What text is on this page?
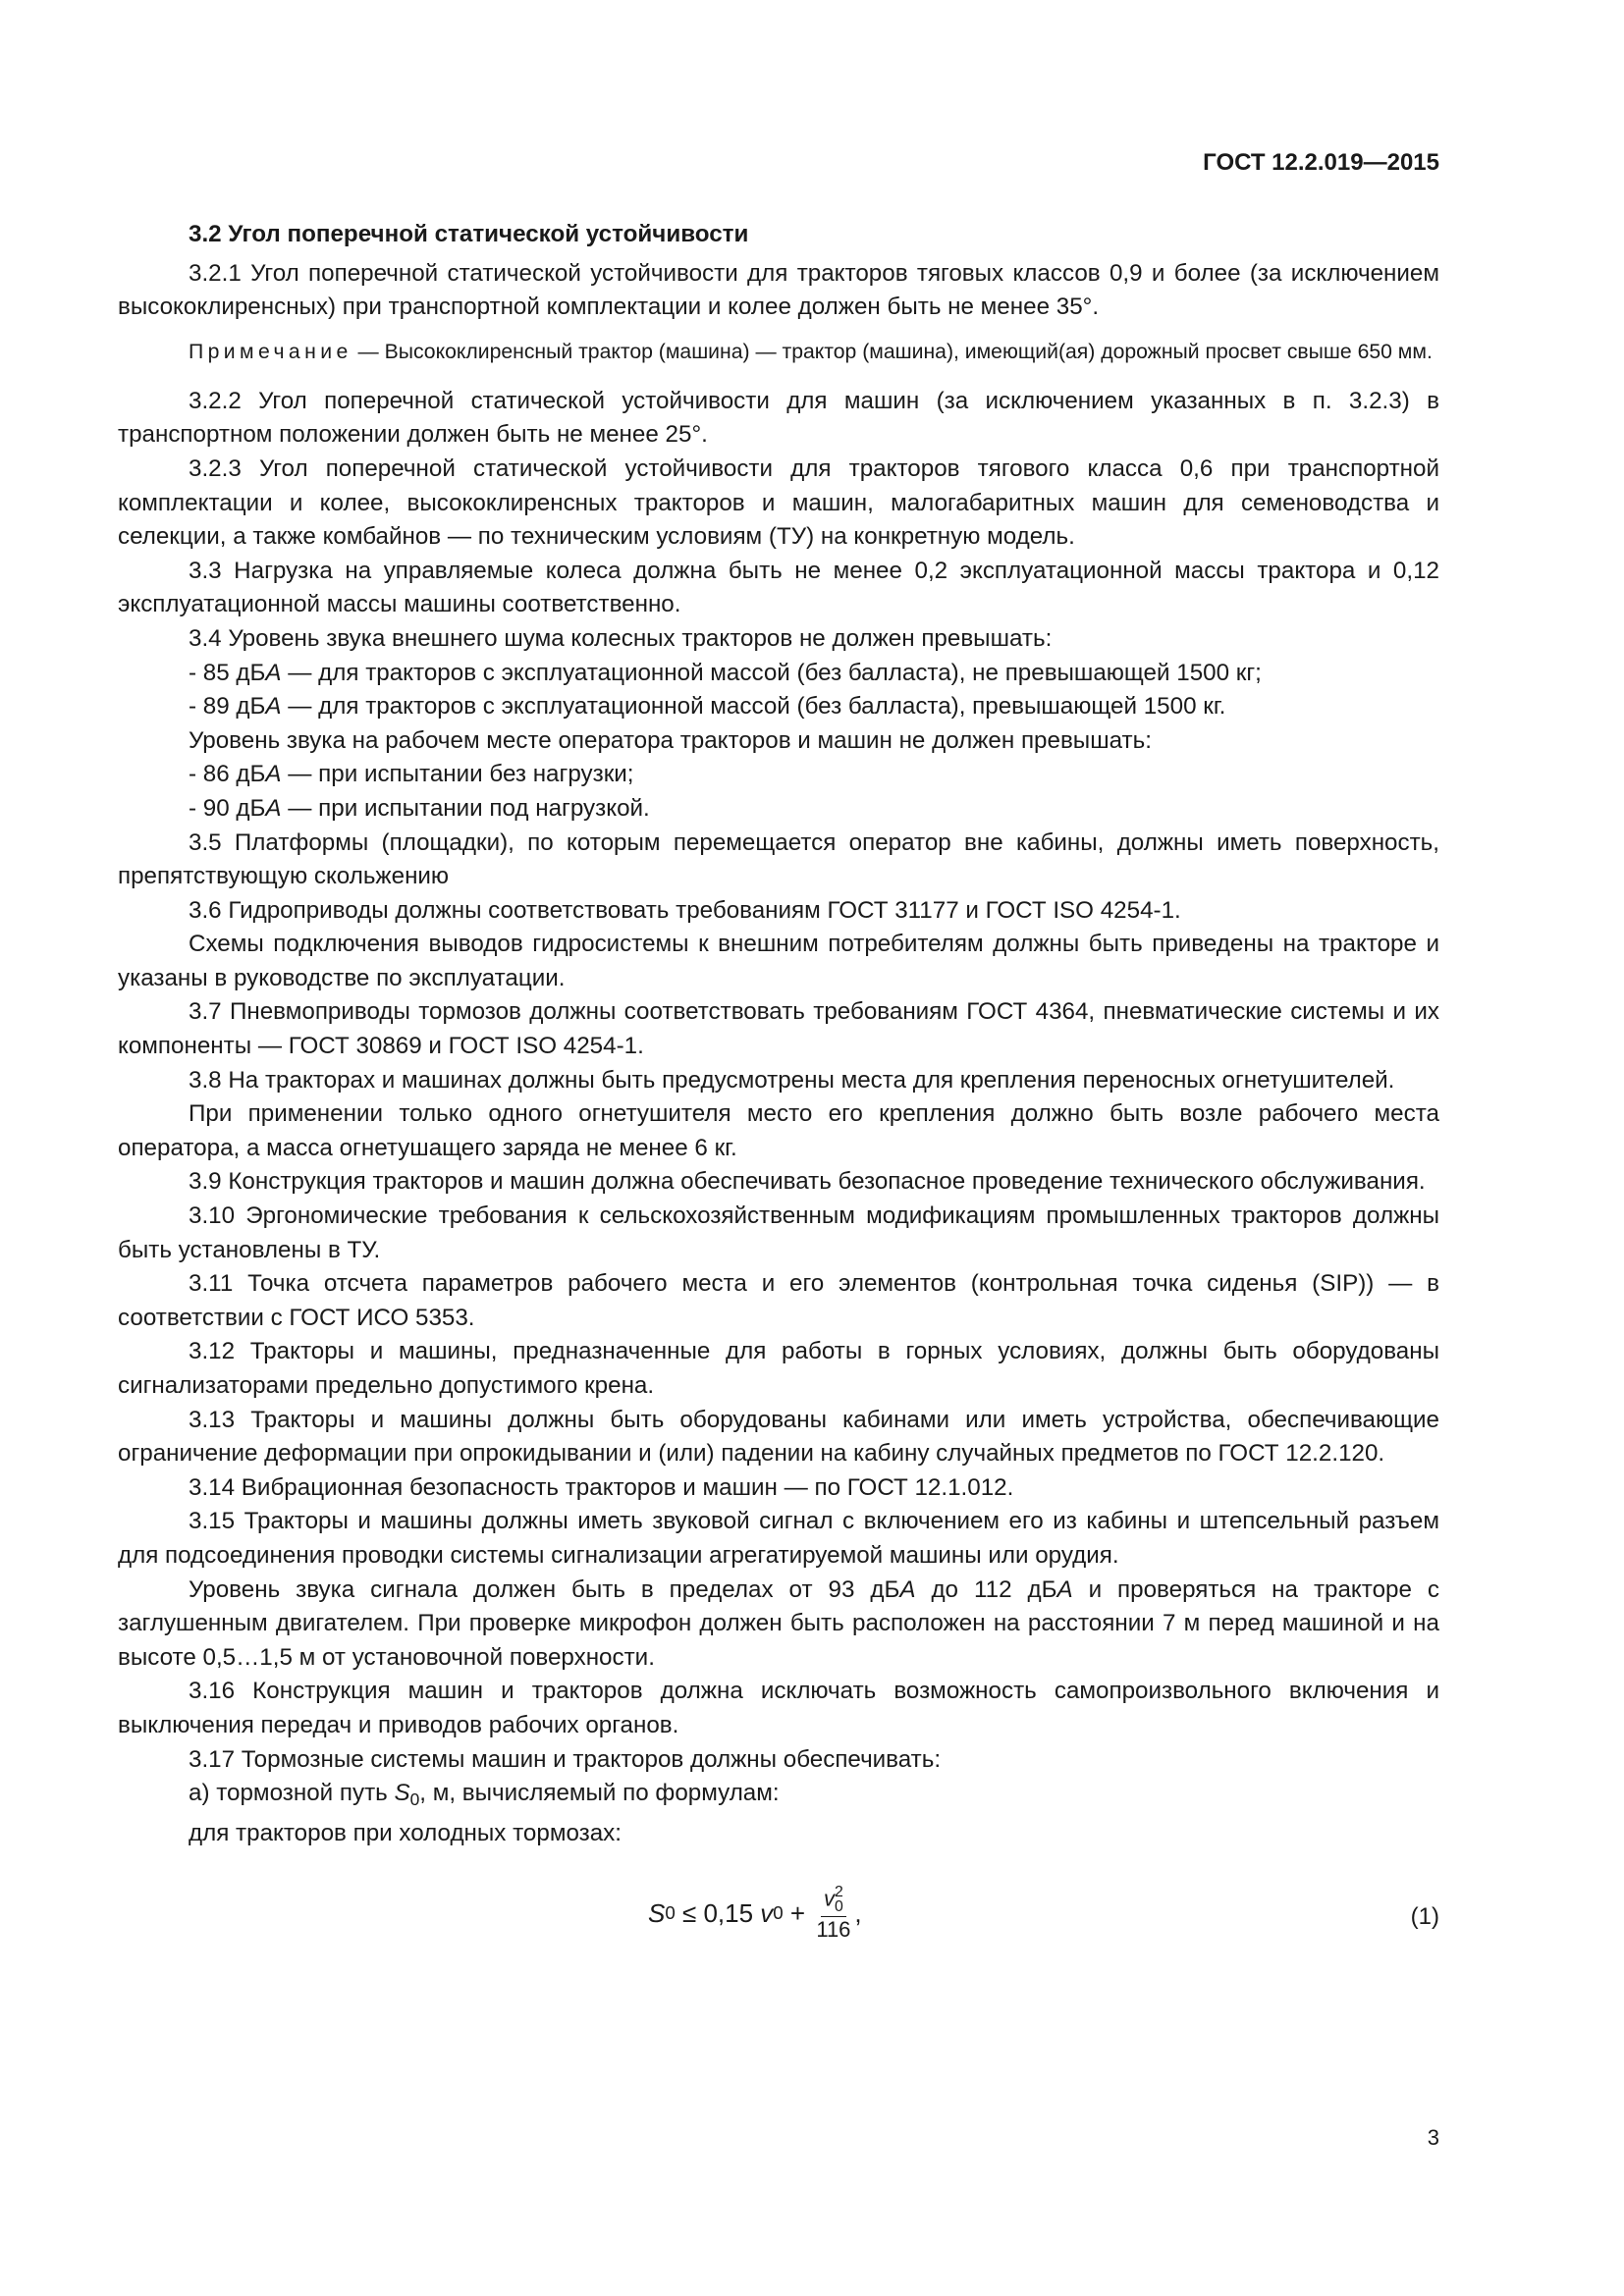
ГОСТ 12.2.019—2015

3.2 Угол поперечной статической устойчивости

3.2.1 Угол поперечной статической устойчивости для тракторов тяговых классов 0,9 и более (за исключением высококлиренсных) при транспортной комплектации и колее должен быть не менее 35°.

Примечание — Высококлиренсный трактор (машина) — трактор (машина), имеющий(ая) дорожный просвет свыше 650 мм.

3.2.2 Угол поперечной статической устойчивости для машин (за исключением указанных в п. 3.2.3) в транспортном положении должен быть не менее 25°.

3.2.3 Угол поперечной статической устойчивости для тракторов тягового класса 0,6 при транспортной комплектации и колее, высококлиренсных тракторов и машин, малогабаритных машин для семеноводства и селекции, а также комбайнов — по техническим условиям (ТУ) на конкретную модель.

3.3 Нагрузка на управляемые колеса должна быть не менее 0,2 эксплуатационной массы трактора и 0,12 эксплуатационной массы машины соответственно.

3.4 Уровень звука внешнего шума колесных тракторов не должен превышать:

- 85 дБА — для тракторов с эксплуатационной массой (без балласта), не превышающей 1500 кг;

- 89 дБА — для тракторов с эксплуатационной массой (без балласта), превышающей 1500 кг.

Уровень звука на рабочем месте оператора тракторов и машин не должен превышать:

- 86 дБА — при испытании без нагрузки;

- 90 дБА — при испытании под нагрузкой.

3.5 Платформы (площадки), по которым перемещается оператор вне кабины, должны иметь поверхность, препятствующую скольжению

3.6 Гидроприводы должны соответствовать требованиям ГОСТ 31177 и ГОСТ ISO 4254-1.

Схемы подключения выводов гидросистемы к внешним потребителям должны быть приведены на тракторе и указаны в руководстве по эксплуатации.

3.7 Пневмоприводы тормозов должны соответствовать требованиям ГОСТ 4364, пневматические системы и их компоненты — ГОСТ 30869 и ГОСТ ISO 4254-1.

3.8 На тракторах и машинах должны быть предусмотрены места для крепления переносных огнетушителей.

При применении только одного огнетушителя место его крепления должно быть возле рабочего места оператора, а масса огнетушащего заряда не менее 6 кг.

3.9 Конструкция тракторов и машин должна обеспечивать безопасное проведение технического обслуживания.

3.10 Эргономические требования к сельскохозяйственным модификациям промышленных тракторов должны быть установлены в ТУ.

3.11 Точка отсчета параметров рабочего места и его элементов (контрольная точка сиденья (SIP)) — в соответствии с ГОСТ ИСО 5353.

3.12 Тракторы и машины, предназначенные для работы в горных условиях, должны быть оборудованы сигнализаторами предельно допустимого крена.

3.13 Тракторы и машины должны быть оборудованы кабинами или иметь устройства, обеспечивающие ограничение деформации при опрокидывании и (или) падении на кабину случайных предметов по ГОСТ 12.2.120.

3.14 Вибрационная безопасность тракторов и машин — по ГОСТ 12.1.012.

3.15 Тракторы и машины должны иметь звуковой сигнал с включением его из кабины и штепсельный разъем для подсоединения проводки системы сигнализации агрегатируемой машины или орудия.

Уровень звука сигнала должен быть в пределах от 93 дБА до 112 дБА и проверяться на тракторе с заглушенным двигателем. При проверке микрофон должен быть расположен на расстоянии 7 м перед машиной и на высоте 0,5…1,5 м от установочной поверхности.

3.16 Конструкция машин и тракторов должна исключать возможность самопроизвольного включения и выключения передач и приводов рабочих органов.

3.17 Тормозные системы машин и тракторов должны обеспечивать:

а) тормозной путь $S_0$, м, вычисляемый по формулам:

для тракторов при холодных тормозах:

S 0 ≤ 0,15 v 0 + v 2
0
116 ,	(1)
3
